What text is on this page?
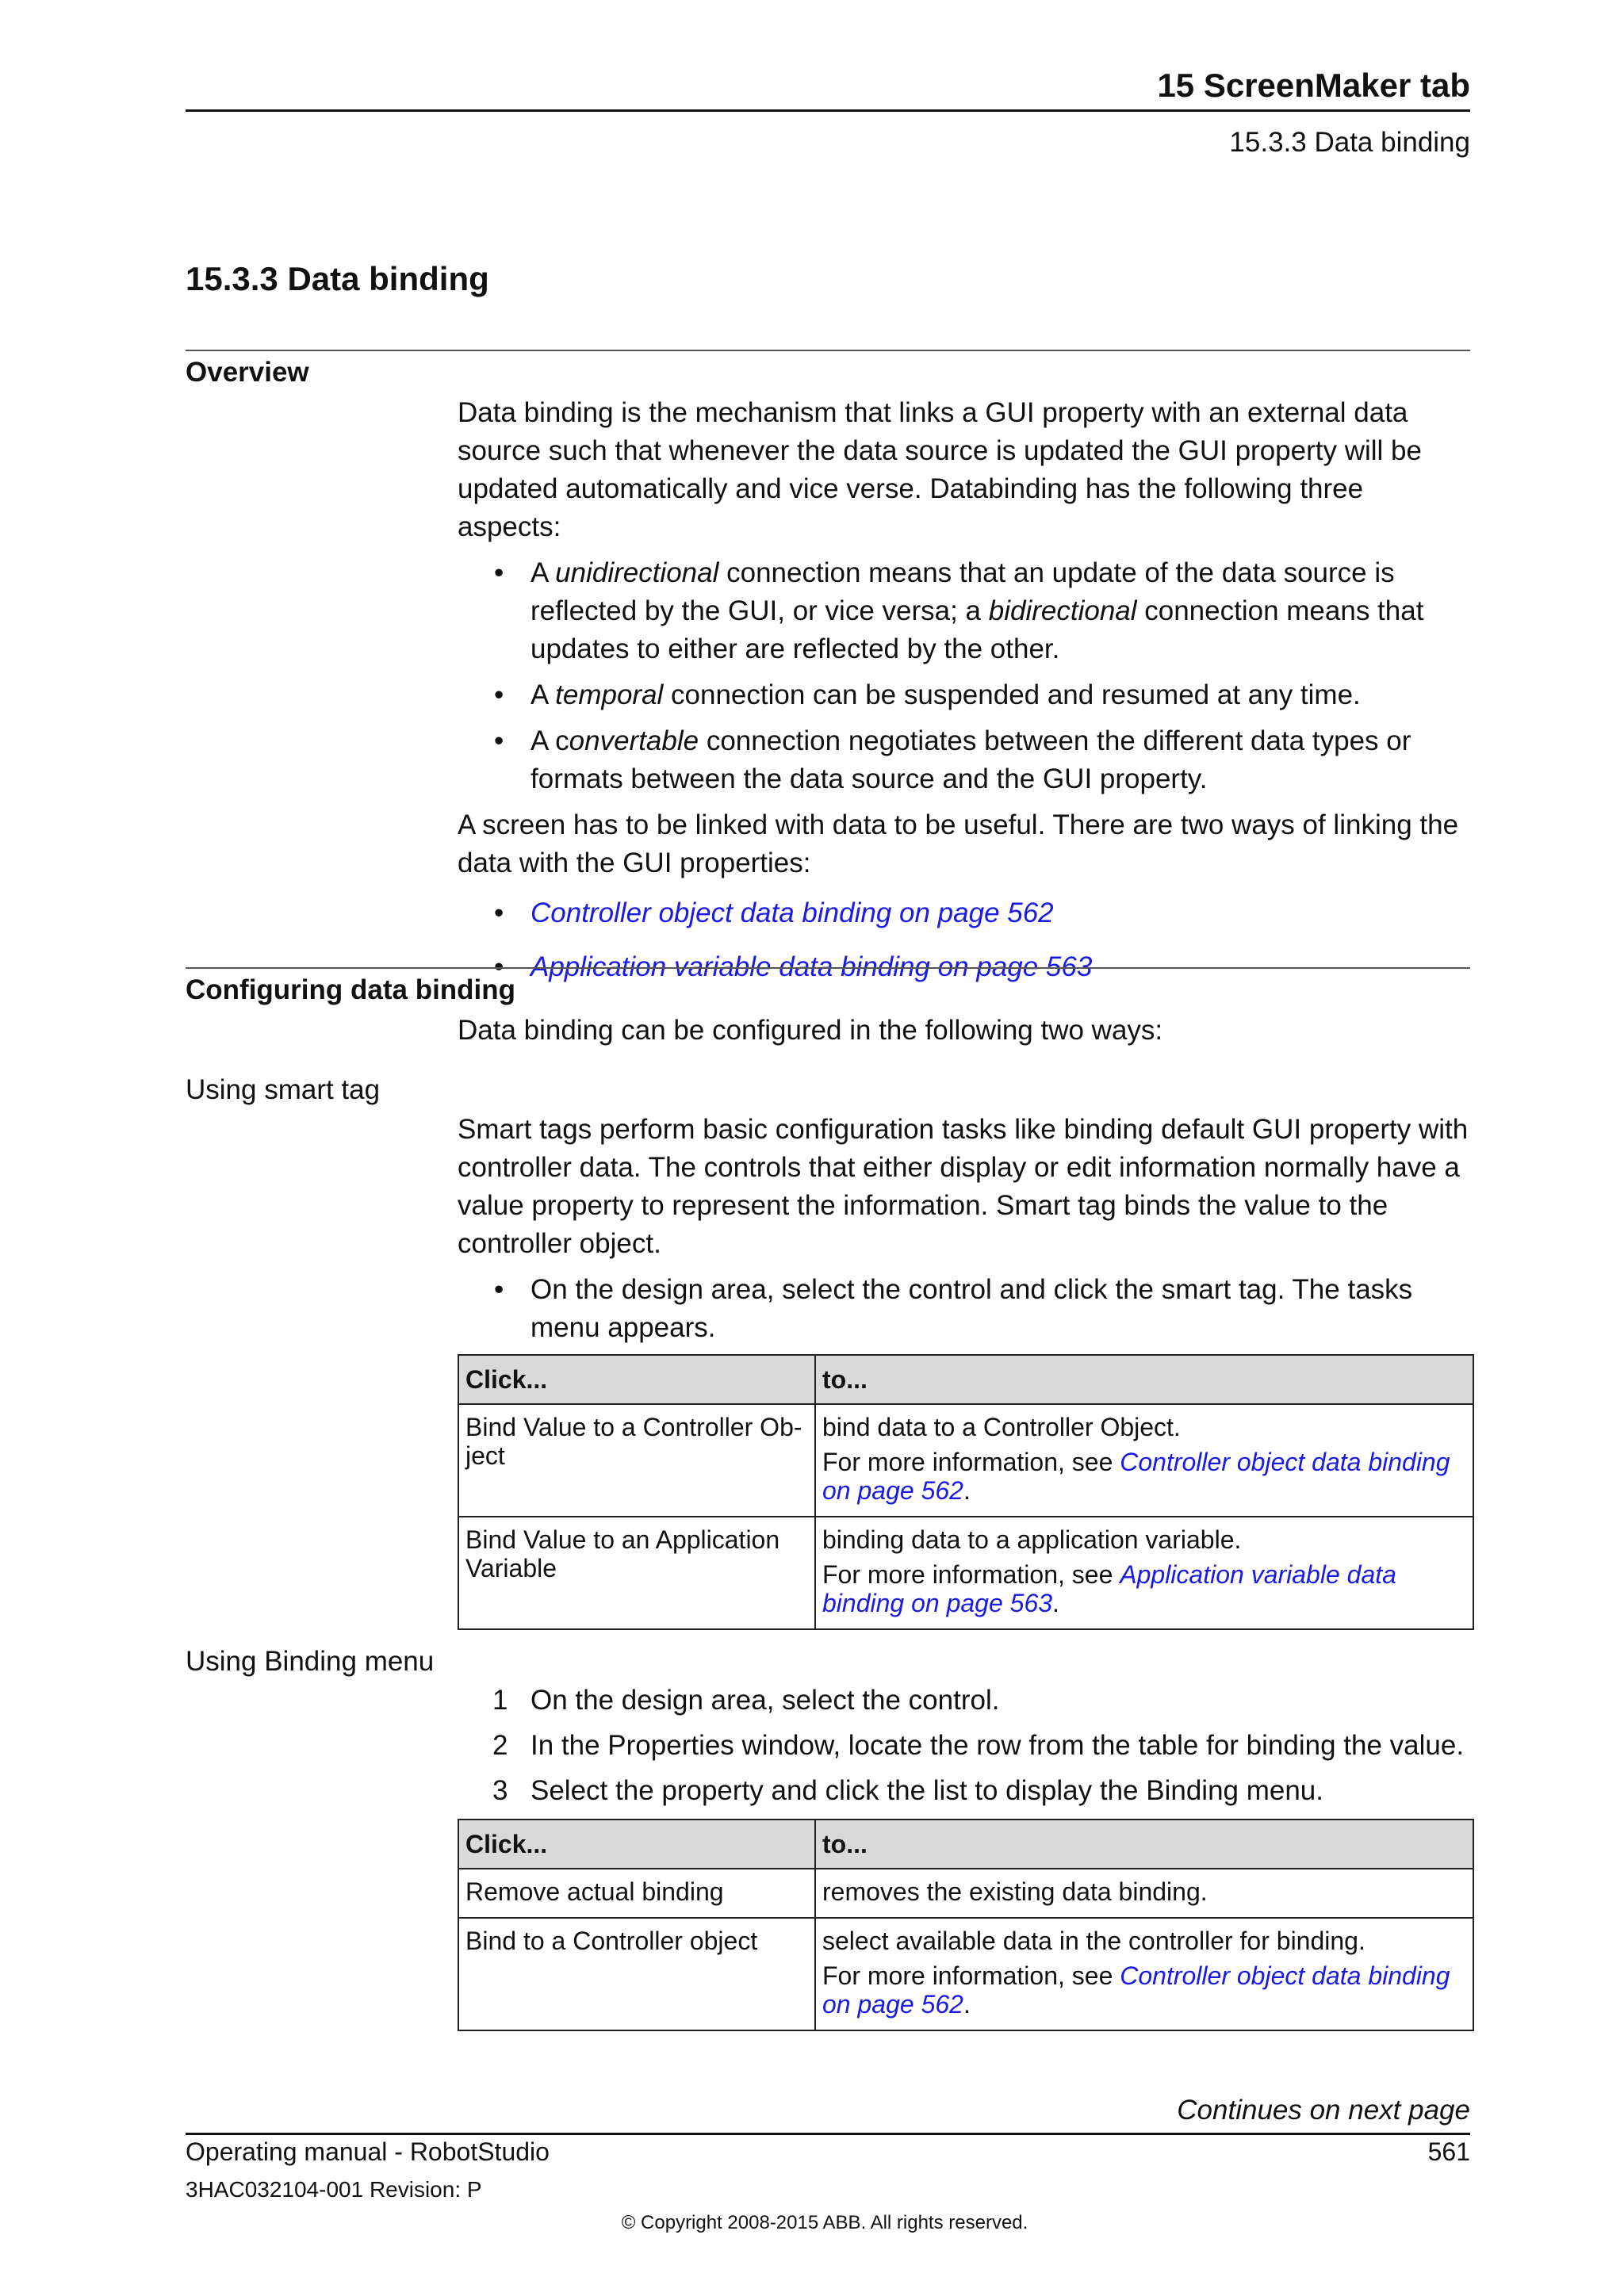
15 ScreenMaker tab
15.3.3 Data binding
15.3.3 Data binding
Overview

Data binding is the mechanism that links a GUI property with an external data source such that whenever the data source is updated the GUI property will be updated automatically and vice verse. Databinding has the following three aspects:

• A unidirectional connection means that an update of the data source is reflected by the GUI, or vice versa; a bidirectional connection means that updates to either are reflected by the other.
• A temporal connection can be suspended and resumed at any time.
• A convertable connection negotiates between the different data types or formats between the data source and the GUI property.

A screen has to be linked with data to be useful. There are two ways of linking the data with the GUI properties:

• Controller object data binding on page 562
• Application variable data binding on page 563
Configuring data binding
Data binding can be configured in the following two ways:
Using smart tag

Smart tags perform basic configuration tasks like binding default GUI property with controller data. The controls that either display or edit information normally have a value property to represent the information. Smart tag binds the value to the controller object.

• On the design area, select the control and click the smart tag. The tasks menu appears.
Click...	to...
Bind Value to a Controller Ob-ject	bind data to a Controller Object.
For more information, see Controller object data binding on page 562.

Bind Value to an Application Variable	binding data to a application variable.
For more information, see Application variable data binding on page 563.
Using Binding menu
1 On the design area, select the control.
2 In the Properties window, locate the row from the table for binding the value.
3 Select the property and click the list to display the Binding menu.
Click...	to...
Remove actual binding	removes the existing data binding.
Bind to a Controller object	select available data in the controller for binding.
For more information, see Controller object data binding on page 562.
Continues on next page
Operating manual - RobotStudio
3HAC032104-001 Revision: P
561
© Copyright 2008-2015 ABB. All rights reserved.
